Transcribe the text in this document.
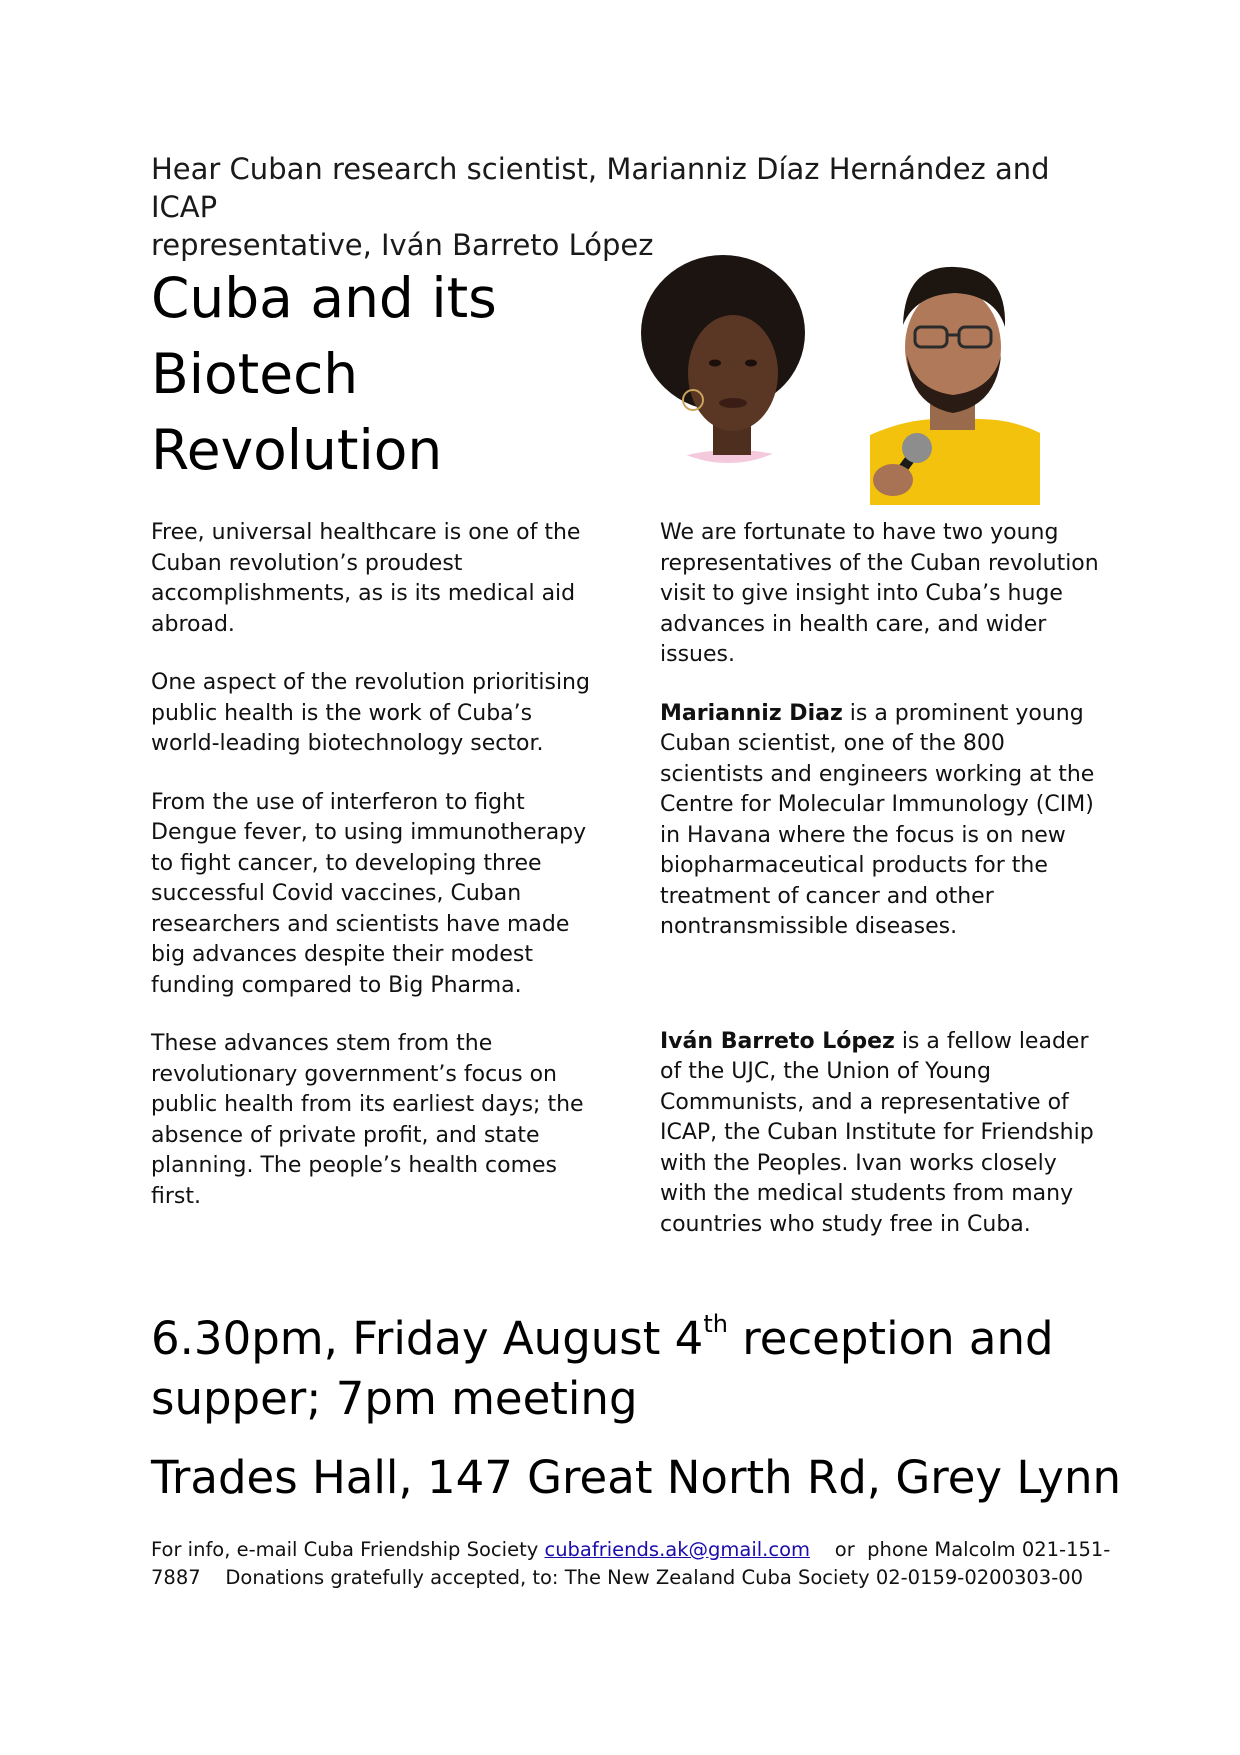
Hear Cuban research scientist, Marianniz Díaz Hernández and ICAP
representative, Iván Barreto López
Cuba and its
Biotech
Revolution

Free, universal healthcare is one of the Cuban revolution’s proudest accomplishments, as is its medical aid abroad.

One aspect of the revolution prioritising public health is the work of Cuba’s world-leading biotechnology sector.

From the use of interferon to fight Dengue fever, to using immunotherapy to fight cancer, to developing three successful Covid vaccines, Cuban researchers and scientists have made big advances despite their modest funding compared to Big Pharma.

These advances stem from the revolutionary government’s focus on public health from its earliest days; the absence of private profit, and state planning. The people’s health comes first.

We are fortunate to have two young representatives of the Cuban revolution visit to give insight into Cuba’s huge advances in health care, and wider issues.

Marianniz Diaz is a prominent young Cuban scientist, one of the 800 scientists and engineers working at the Centre for Molecular Immunology (CIM) in Havana where the focus is on new biopharmaceutical products for the treatment of cancer and other nontransmissible diseases.

Iván Barreto López is a fellow leader of the UJC, the Union of Young Communists, and a representative of ICAP, the Cuban Institute for Friendship with the Peoples. Ivan works closely with the medical students from many countries who study free in Cuba.

6.30pm, Friday August 4th reception and supper; 7pm meeting
Trades Hall, 147 Great North Rd, Grey Lynn
For info, e-mail Cuba Friendship Society cubafriends.ak@gmail.com    or  phone Malcolm 021-151-7887    Donations gratefully accepted, to: The New Zealand Cuba Society 02-0159-0200303-00
